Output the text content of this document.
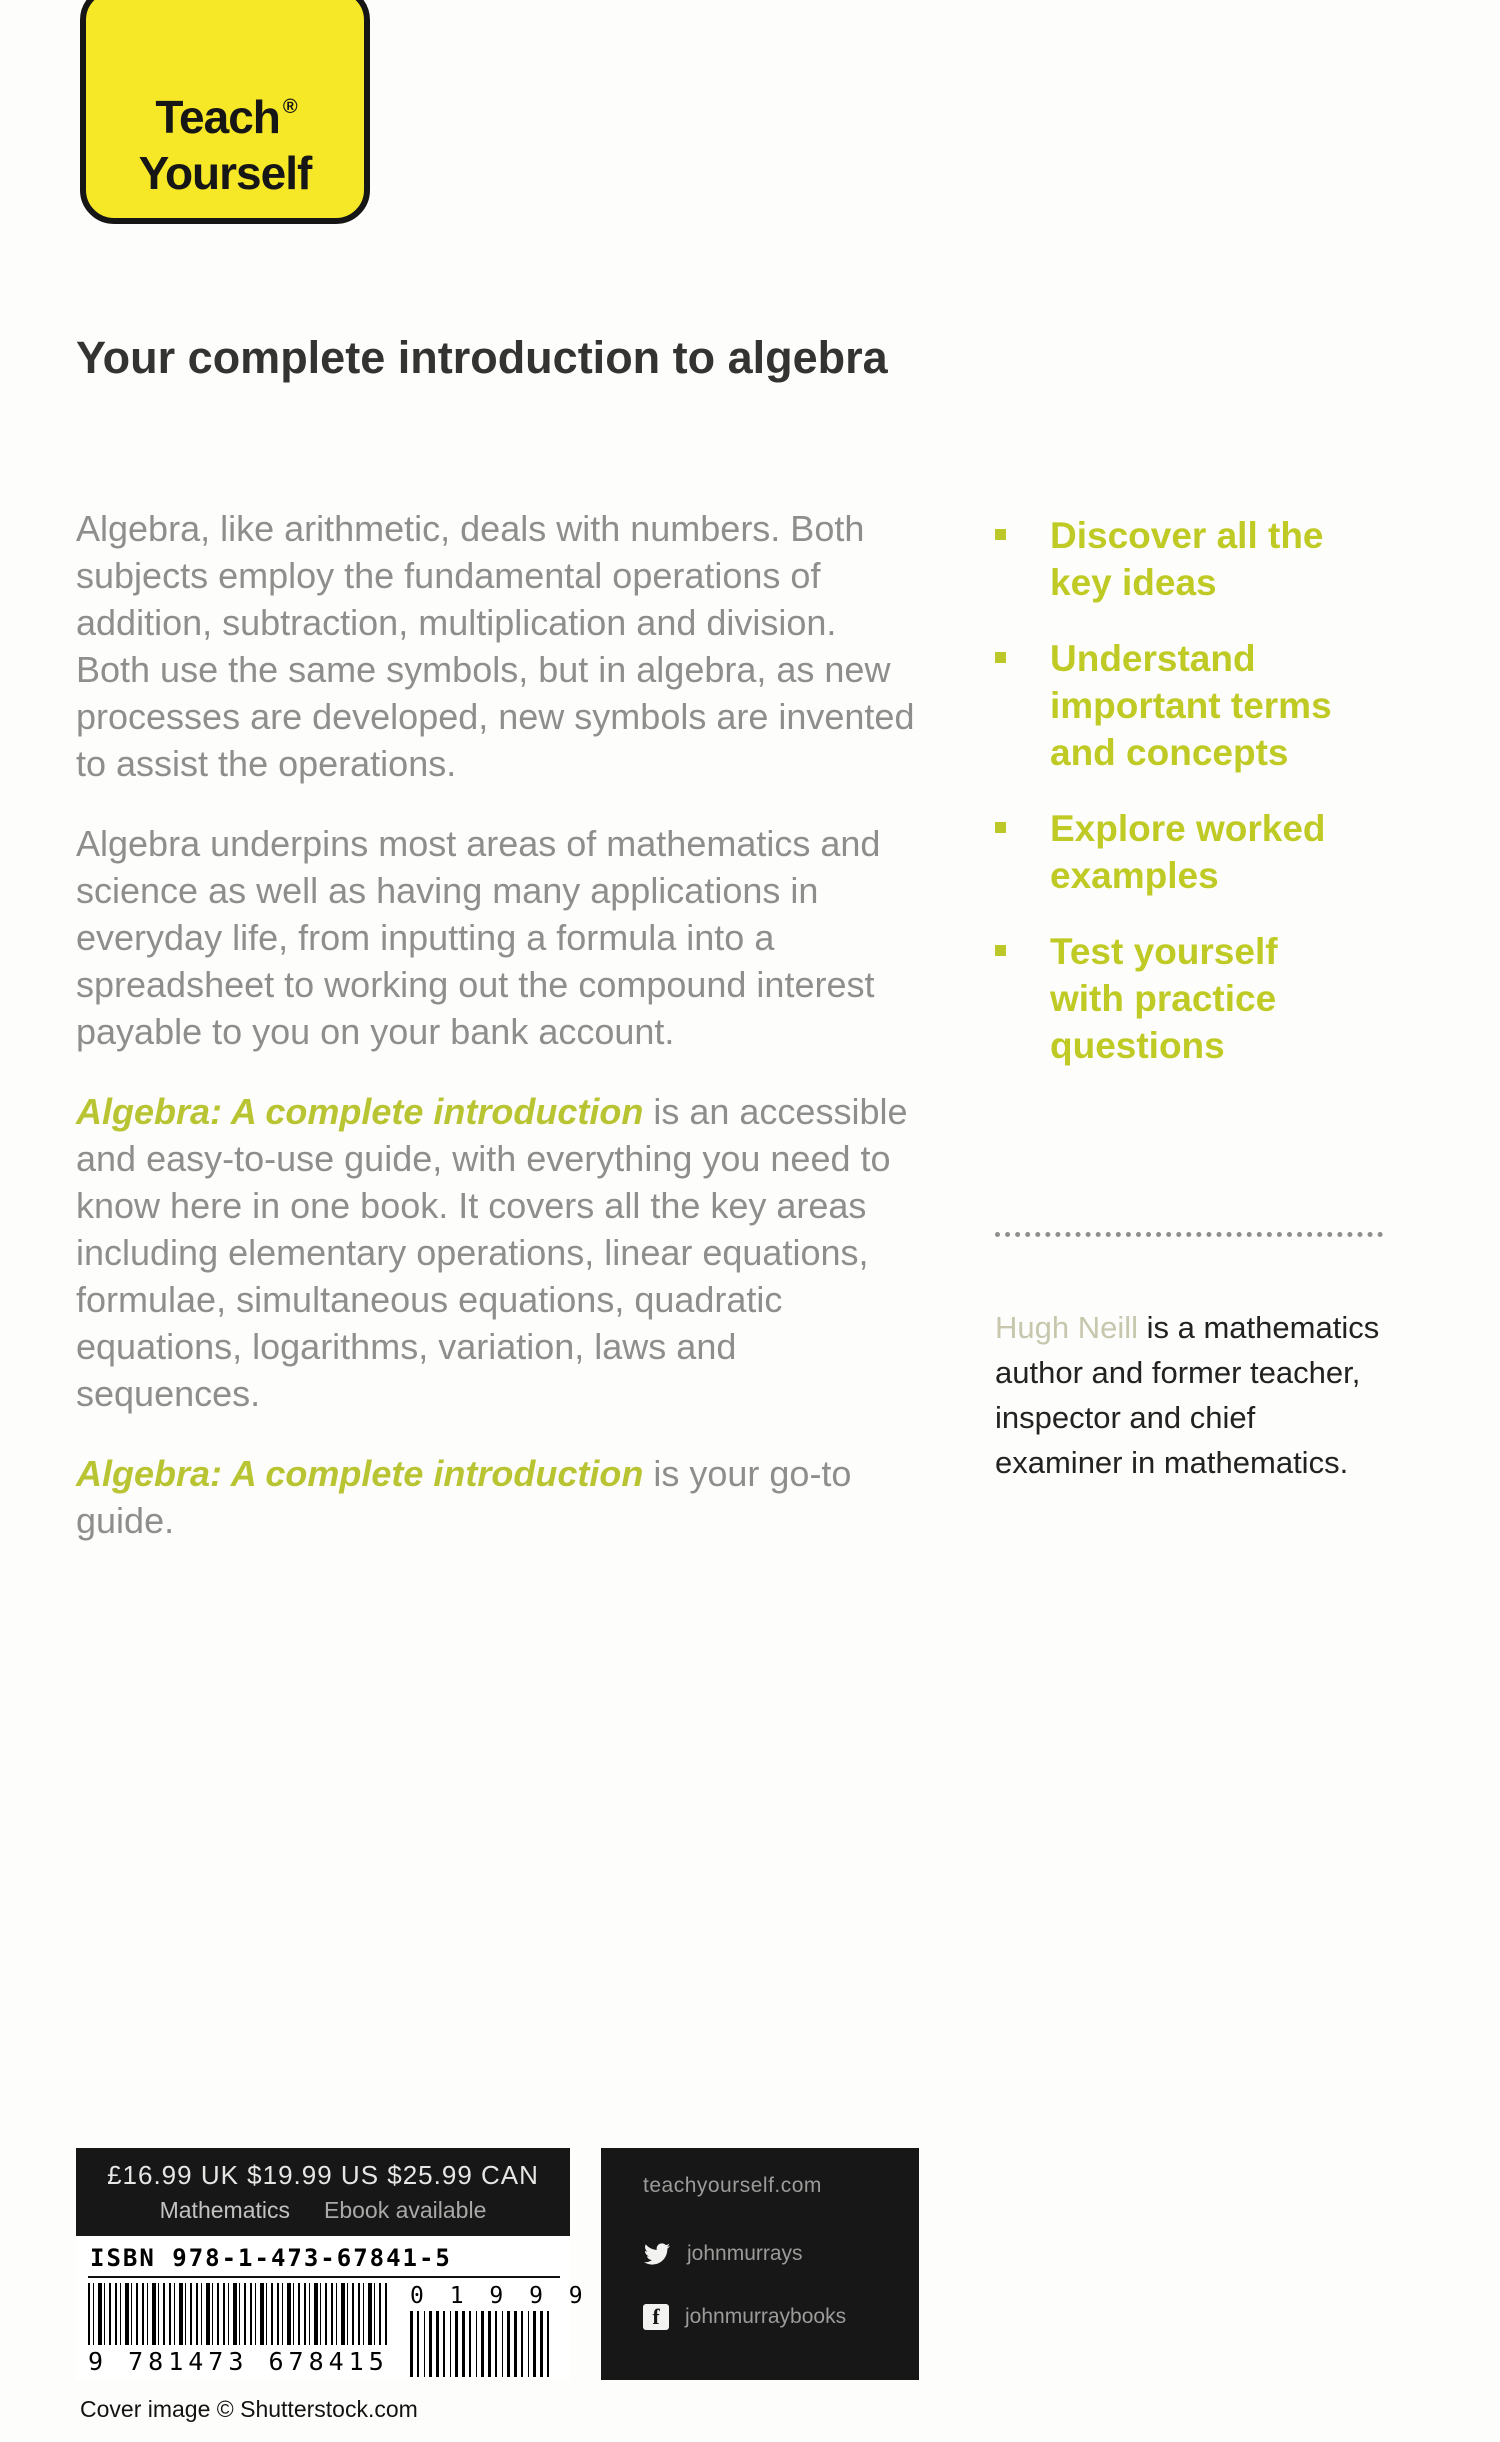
Teach ®
Yourself
Your complete introduction to algebra

Algebra, like arithmetic, deals with numbers. Both subjects employ the fundamental operations of addition, subtraction, multiplication and division. Both use the same symbols, but in algebra, as new processes are developed, new symbols are invented to assist the operations.

Algebra underpins most areas of mathematics and science as well as having many applications in everyday life, from inputting a formula into a spreadsheet to working out the compound interest payable to you on your bank account.

Algebra: A complete introduction is an accessible and easy-to-use guide, with everything you need to know here in one book. It covers all the key areas including elementary operations, linear equations, formulae, simultaneous equations, quadratic equations, logarithms, variation, laws and sequences.

Algebra: A complete introduction is your go-to guide.

Discover all the key ideas
Understand important terms and concepts
Explore worked examples
Test yourself with practice questions

Hugh Neill is a mathematics author and former teacher, inspector and chief examiner in mathematics.

£16.99 UK $19.99 US $25.99 CAN
Mathematics Ebook available
ISBN 978-1-473-67841-5
9 781473 678415
0 1 9 9 9
teachyourself.com
johnmurrays
f	johnmurraybooks
Cover image © Shutterstock.com
